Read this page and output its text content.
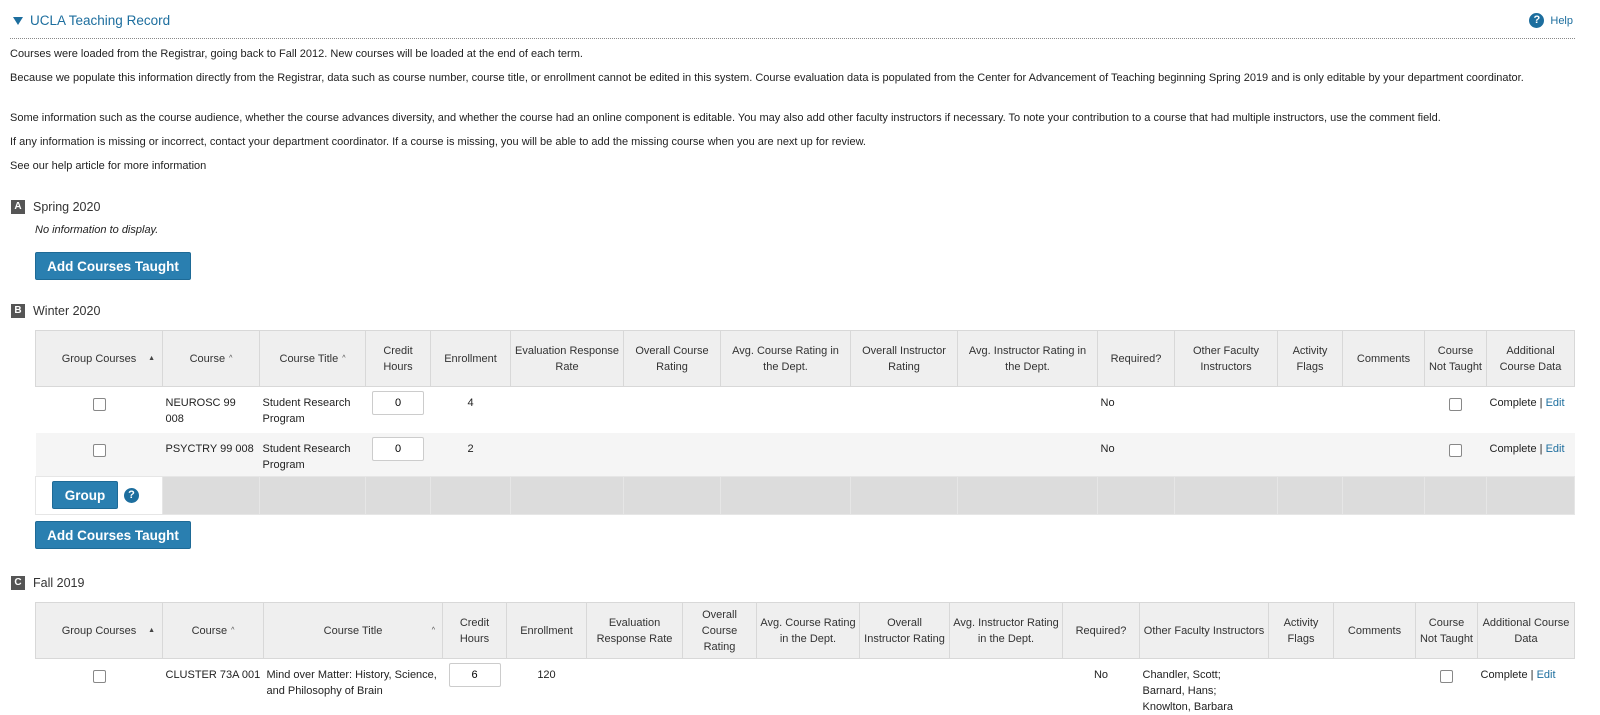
UCLA Teaching Record	? Help

Courses were loaded from the Registrar, going back to Fall 2012. New courses will be loaded at the end of each term.

Because we populate this information directly from the Registrar, data such as course number, course title, or enrollment cannot be edited in this system. Course evaluation data is populated from the Center for Advancement of Teaching beginning Spring 2019 and is only editable by your department coordinator.

Some information such as the course audience, whether the course advances diversity, and whether the course had an online component is editable. You may also add other faculty instructors if necessary. To note your contribution to a course that had multiple instructors, use the comment field.

If any information is missing or incorrect, contact your department coordinator. If a course is missing, you will be able to add the missing course when you are next up for review.

See our help article for more information

A Spring 2020
No information to display.
Add Courses Taught
B Winter 2020
Group Courses ▲	Course ^	Course Title ^	Credit Hours	Enrollment	Evaluation Response Rate	Overall Course Rating	Avg. Course Rating in the Dept.	Overall Instructor Rating	Avg. Instructor Rating in the Dept.	Required?	Other Faculty Instructors	Activity Flags	Comments	Course Not Taught	Additional Course Data
	NEUROSC 99 008	Student Research Program	0	4						No					Complete | Edit
	PSYCTRY 99 008	Student Research Program	0	2						No					Complete | Edit

Group ?															

Add Courses Taught
C Fall 2019
Group Courses ▲	Course ^	Course Title ^	Credit Hours	Enrollment	Evaluation Response Rate	Overall Course Rating	Avg. Course Rating in the Dept.	Overall Instructor Rating	Avg. Instructor Rating in the Dept.	Required?	Other Faculty Instructors	Activity Flags	Comments	Course Not Taught	Additional Course Data
	CLUSTER 73A 001	Mind over Matter: History, Science, and Philosophy of Brain	6	120						No	Chandler, Scott; Barnard, Hans; Knowlton, Barbara				Complete | Edit
